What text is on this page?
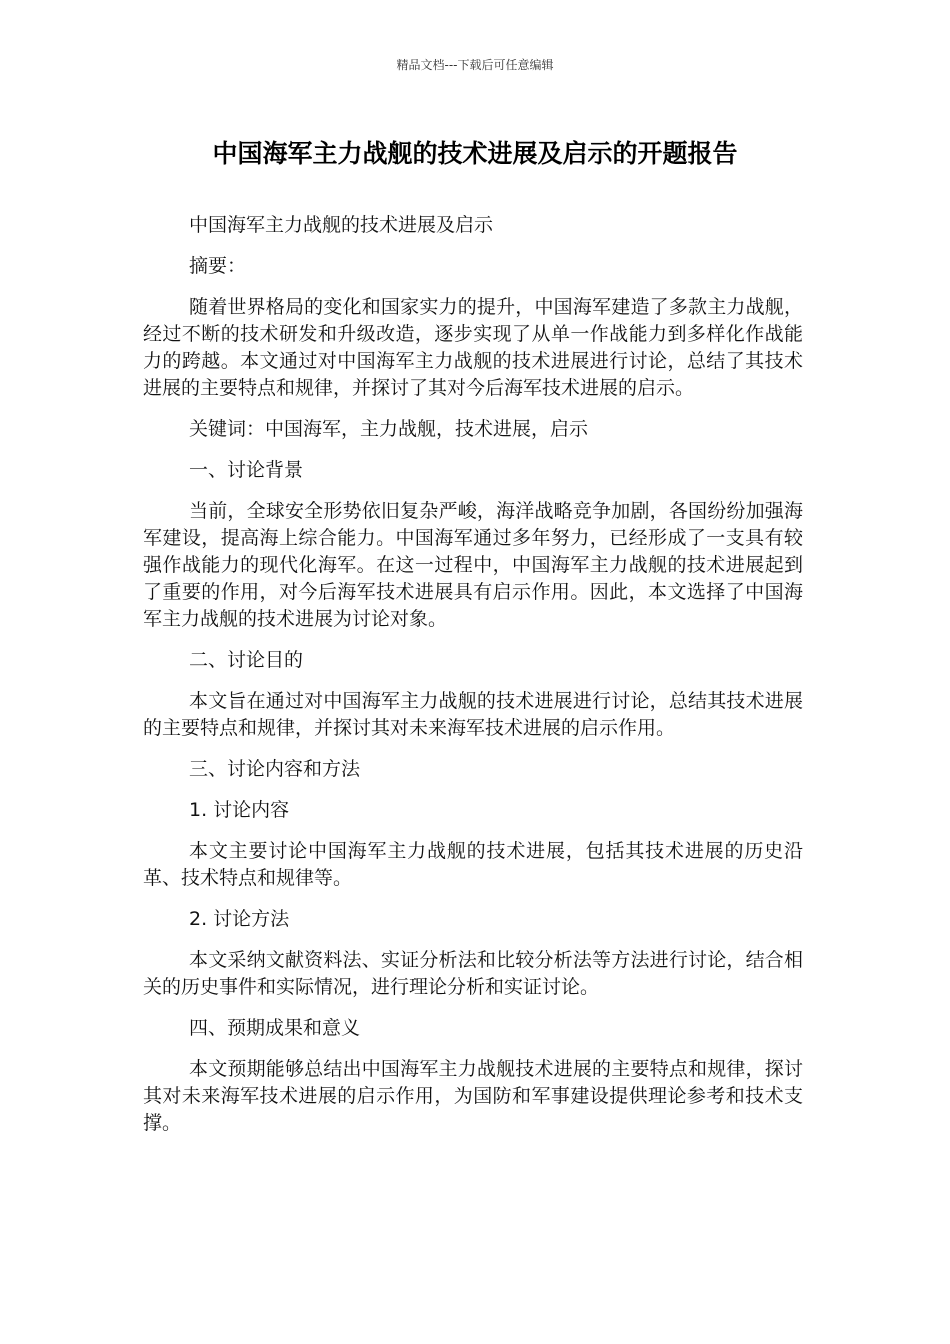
精品文档---下载后可任意编辑
中国海军主力战舰的技术进展及启示的开题报告

中国海军主力战舰的技术进展及启示

摘要：

随着世界格局的变化和国家实力的提升，中国海军建造了多款主力战舰，经过不断的技术研发和升级改造，逐步实现了从单一作战能力到多样化作战能力的跨越。本文通过对中国海军主力战舰的技术进展进行讨论，总结了其技术进展的主要特点和规律，并探讨了其对今后海军技术进展的启示。

关键词：中国海军，主力战舰，技术进展，启示

一、讨论背景

当前，全球安全形势依旧复杂严峻，海洋战略竞争加剧，各国纷纷加强海军建设，提高海上综合能力。中国海军通过多年努力，已经形成了一支具有较强作战能力的现代化海军。在这一过程中，中国海军主力战舰的技术进展起到了重要的作用，对今后海军技术进展具有启示作用。因此，本文选择了中国海军主力战舰的技术进展为讨论对象。

二、讨论目的

本文旨在通过对中国海军主力战舰的技术进展进行讨论，总结其技术进展的主要特点和规律，并探讨其对未来海军技术进展的启示作用。

三、讨论内容和方法

1. 讨论内容

本文主要讨论中国海军主力战舰的技术进展，包括其技术进展的历史沿革、技术特点和规律等。

2. 讨论方法

本文采纳文献资料法、实证分析法和比较分析法等方法进行讨论，结合相关的历史事件和实际情况，进行理论分析和实证讨论。

四、预期成果和意义

本文预期能够总结出中国海军主力战舰技术进展的主要特点和规律，探讨其对未来海军技术进展的启示作用，为国防和军事建设提供理论参考和技术支撑。
